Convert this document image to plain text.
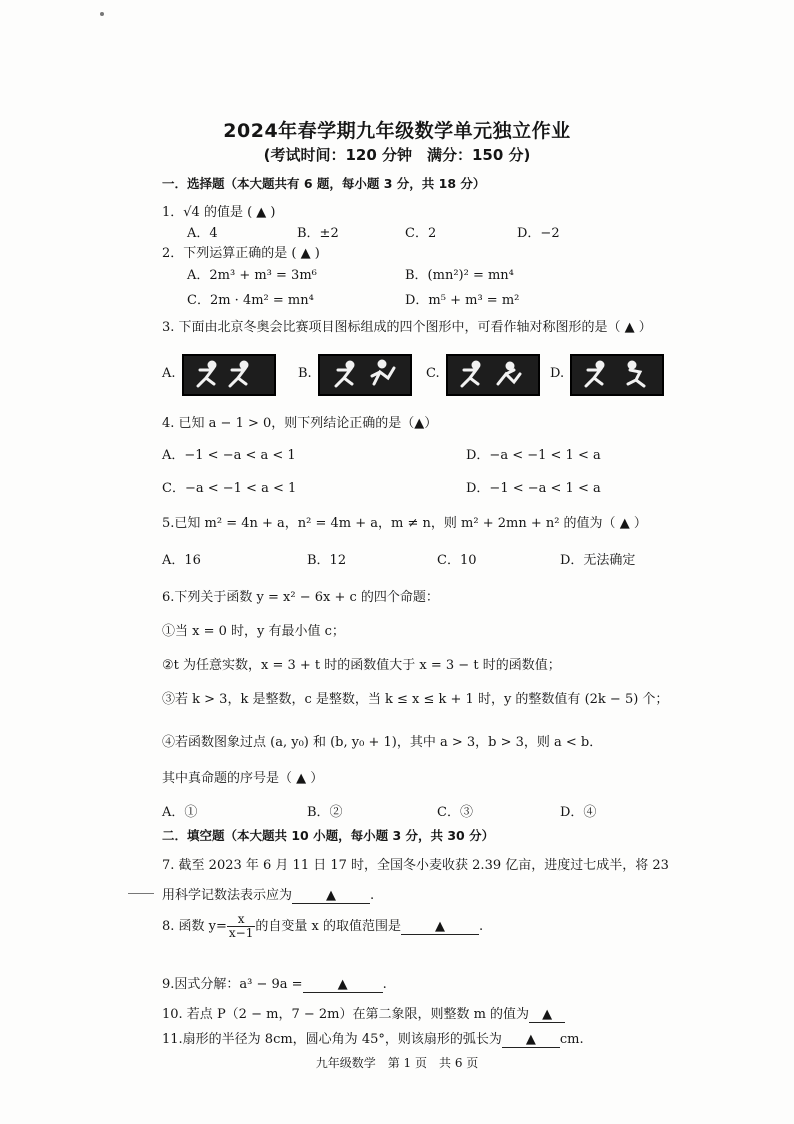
2024年春学期九年级数学单元独立作业
(考试时间：120 分钟　满分：150 分)
一．选择题（本大题共有 6 题，每小题 3 分，共 18 分）
1．√4 的值是 ( ▲ )
A．4	B．±2	C．2	D．−2
2．下列运算正确的是 ( ▲ )
A．2m³ + m³ = 3m⁶	B．(mn²)² = mn⁴
C．2m · 4m² = mn⁴	D．m⁵ + m³ = m²
3. 下面由北京冬奥会比赛项目图标组成的四个图形中，可看作轴对称图形的是（ ▲ ）
A.	B.	C.	D.
4. 已知 a − 1 > 0，则下列结论正确的是（▲）
A．−1 < −a < a < 1	D．−a < −1 < 1 < a
C．−a < −1 < a < 1	D．−1 < −a < 1 < a
5.已知 m² = 4n + a，n² = 4m + a，m ≠ n，则 m² + 2mn + n² 的值为（ ▲ ）
A．16	B．12	C．10	D．无法确定
6.下列关于函数 y = x² − 6x + c 的四个命题：
①当 x = 0 时，y 有最小值 c；
②t 为任意实数，x = 3 + t 时的函数值大于 x = 3 − t 时的函数值；
③若 k > 3，k 是整数，c 是整数，当 k ≤ x ≤ k + 1 时，y 的整数值有 (2k − 5) 个；
④若函数图象过点 (a, y₀) 和 (b, y₀ + 1)，其中 a > 3，b > 3，则 a < b．
其中真命题的序号是（ ▲ ）
A．①	B．②	C．③	D．④
二．填空题（本大题共 10 小题，每小题 3 分，共 30 分）
7. 截至 2023 年 6 月 11 日 17 时，全国冬小麦收获 2.39 亿亩，进度过七成半，将 23
用科学记数法表示应为	▲	.
8. 函数 $y= \frac{x}{x-1}$ 的自变量 x 的取值范围是	▲	.
9.因式分解：a³ − 9a =	▲	.
10. 若点 P（2 − m，7 − 2m）在第二象限，则整数 m 的值为 ▲
11.扇形的半径为 8cm，圆心角为 45°，则该扇形的弧长为 ▲ cm.
九年级数学　第 1 页　共 6 页
